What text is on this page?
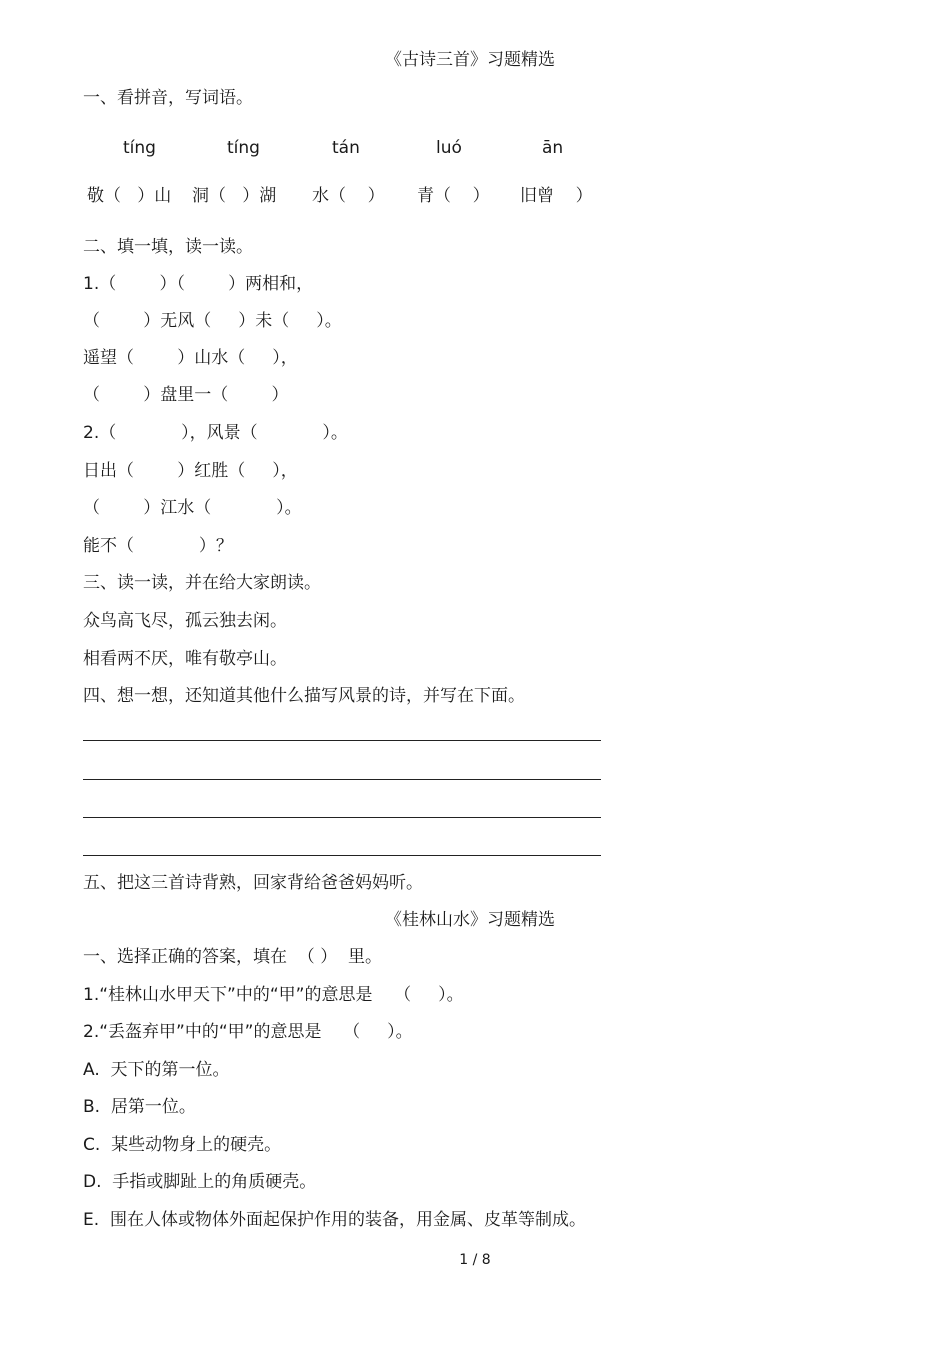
《古诗三首》习题精选
一、看拼音，写词语。
tíng	tíng	tán	luó	ān
敬（   ）山 洞（   ）湖 水（    ） 青（    ） 旧曾    ）
二、填一填，读一读。
1.（        ）（        ）两相和，
（        ）无风（     ）未（     ）。
遥望（        ）山水（     ），
（        ）盘里一（        ）
2.（            ），风景（            ）。
日出（        ）红胜（     ），
（        ）江水（            ）。
能不（            ）？
三、读一读，并在给大家朗读。
众鸟高飞尽，孤云独去闲。
相看两不厌，唯有敬亭山。
四、想一想，还知道其他什么描写风景的诗，并写在下面。
五、把这三首诗背熟，回家背给爸爸妈妈听。
《桂林山水》习题精选
一、选择正确的答案，填在  （ ）  里。
1.“桂林山水甲天下”中的“甲”的意思是    （     ）。
2.“丢盔弃甲”中的“甲”的意思是    （     ）。
A.  天下的第一位。
B.  居第一位。
C.  某些动物身上的硬壳。
D.  手指或脚趾上的角质硬壳。
E.  围在人体或物体外面起保护作用的装备，用金属、皮革等制成。
1 / 8
